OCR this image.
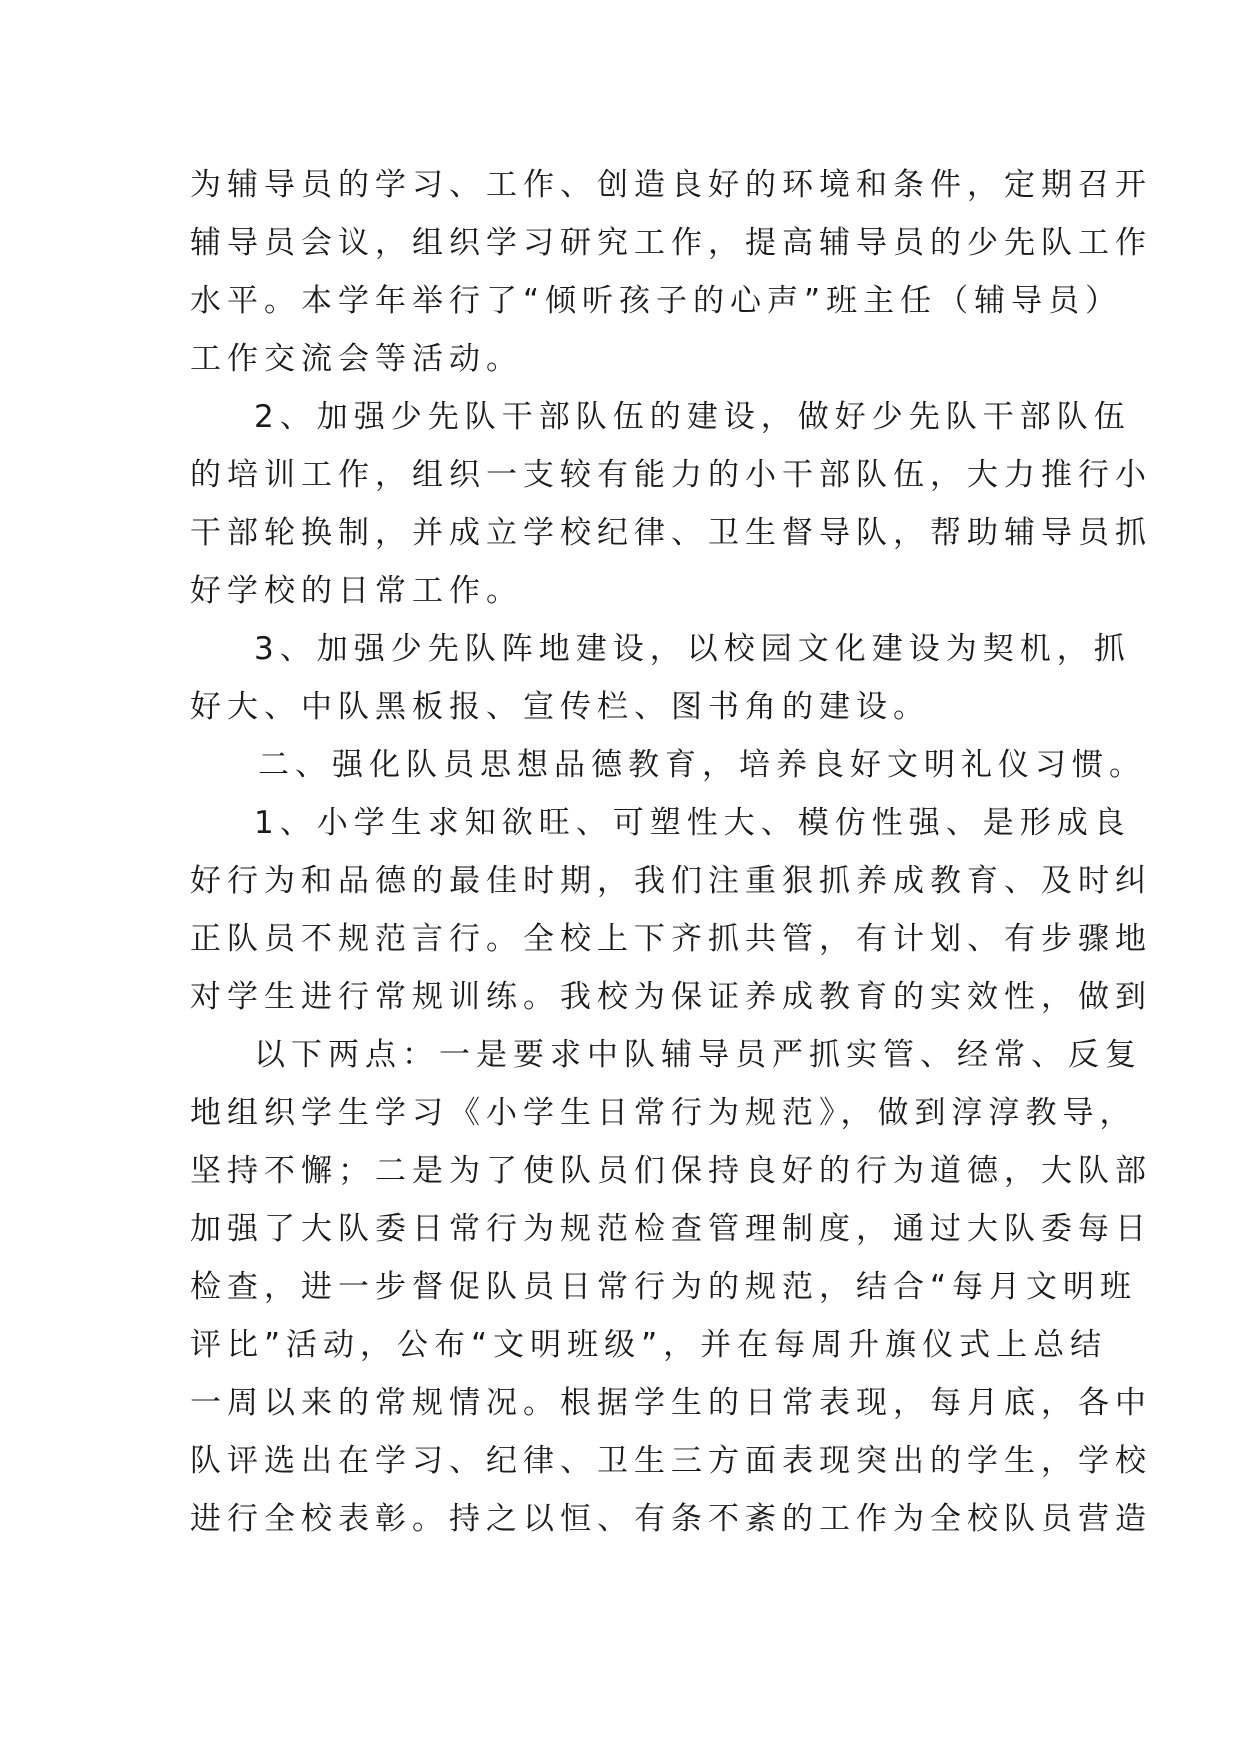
为辅导员的学习、工作、创造良好的环境和条件，定期召开
辅导员会议，组织学习研究工作，提高辅导员的少先队工作
水平。本学年举行了“倾听孩子的心声”班主任（辅导员）
工作交流会等活动。
2、加强少先队干部队伍的建设，做好少先队干部队伍
的培训工作，组织一支较有能力的小干部队伍，大力推行小
干部轮换制，并成立学校纪律、卫生督导队，帮助辅导员抓
好学校的日常工作。
3、加强少先队阵地建设，以校园文化建设为契机，抓
好大、中队黑板报、宣传栏、图书角的建设。
二、强化队员思想品德教育，培养良好文明礼仪习惯。
1、小学生求知欲旺、可塑性大、模仿性强、是形成良
好行为和品德的最佳时期，我们注重狠抓养成教育、及时纠
正队员不规范言行。全校上下齐抓共管，有计划、有步骤地
对学生进行常规训练。我校为保证养成教育的实效性，做到
以下两点：一是要求中队辅导员严抓实管、经常、反复
地组织学生学习《小学生日常行为规范》，做到淳淳教导，
坚持不懈；二是为了使队员们保持良好的行为道德，大队部
加强了大队委日常行为规范检查管理制度，通过大队委每日
检查，进一步督促队员日常行为的规范，结合“每月文明班
评比”活动，公布“文明班级”，并在每周升旗仪式上总结
一周以来的常规情况。根据学生的日常表现，每月底，各中
队评选出在学习、纪律、卫生三方面表现突出的学生，学校
进行全校表彰。持之以恒、有条不紊的工作为全校队员营造
